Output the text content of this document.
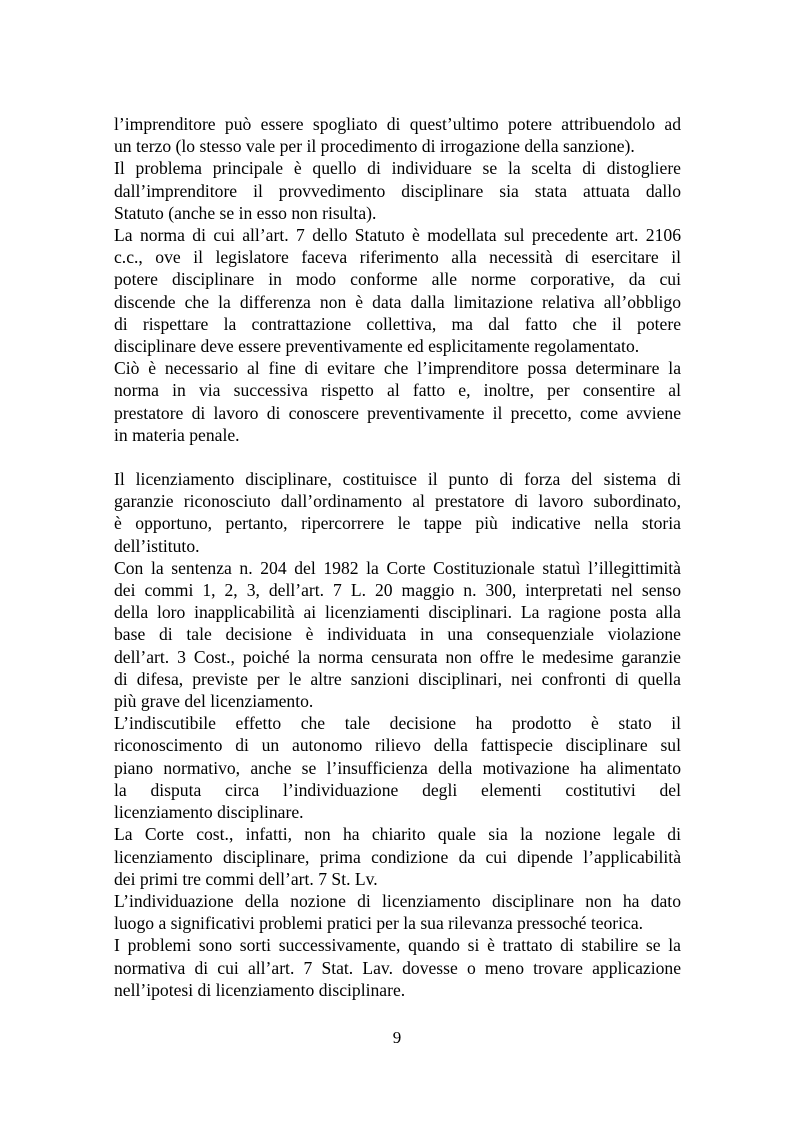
l’imprenditore può essere spogliato di quest’ultimo potere attribuendolo ad
un terzo (lo stesso vale per il procedimento di irrogazione della sanzione).

Il problema principale è quello di individuare se la scelta di distogliere
dall’imprenditore il provvedimento disciplinare sia stata attuata dallo
Statuto (anche se in esso non risulta).

La norma di cui all’art. 7 dello Statuto è modellata sul precedente art. 2106
c.c., ove il legislatore faceva riferimento alla necessità di esercitare il
potere disciplinare in modo conforme alle norme corporative, da cui
discende che la differenza non è data dalla limitazione relativa all’obbligo
di rispettare la contrattazione collettiva, ma dal fatto che il potere
disciplinare deve essere preventivamente ed esplicitamente regolamentato.

Ciò è necessario al fine di evitare che l’imprenditore possa determinare la
norma in via successiva rispetto al fatto e, inoltre, per consentire al
prestatore di lavoro di conoscere preventivamente il precetto, come avviene
in materia penale.

Il licenziamento disciplinare, costituisce il punto di forza del sistema di
garanzie riconosciuto dall’ordinamento al prestatore di lavoro subordinato,
è opportuno, pertanto, ripercorrere le tappe più indicative nella storia
dell’istituto.

Con la sentenza n. 204 del 1982 la Corte Costituzionale statuì l’illegittimità
dei commi 1, 2, 3, dell’art. 7 L. 20 maggio n. 300, interpretati nel senso
della loro inapplicabilità ai licenziamenti disciplinari. La ragione posta alla
base di tale decisione è individuata in una consequenziale violazione
dell’art. 3 Cost., poiché la norma censurata non offre le medesime garanzie
di difesa, previste per le altre sanzioni disciplinari, nei confronti di quella
più grave del licenziamento.

L’indiscutibile effetto che tale decisione ha prodotto è stato il
riconoscimento di un autonomo rilievo della fattispecie disciplinare sul
piano normativo, anche se l’insufficienza della motivazione ha alimentato
la disputa circa l’individuazione degli elementi costitutivi del
licenziamento disciplinare.

La Corte cost., infatti, non ha chiarito quale sia la nozione legale di
licenziamento disciplinare, prima condizione da cui dipende l’applicabilità
dei primi tre commi dell’art. 7 St. Lv.

L’individuazione della nozione di licenziamento disciplinare non ha dato
luogo a significativi problemi pratici per la sua rilevanza pressoché teorica.

I problemi sono sorti successivamente, quando si è trattato di stabilire se la
normativa di cui all’art. 7 Stat. Lav. dovesse o meno trovare applicazione
nell’ipotesi di licenziamento disciplinare.

9
